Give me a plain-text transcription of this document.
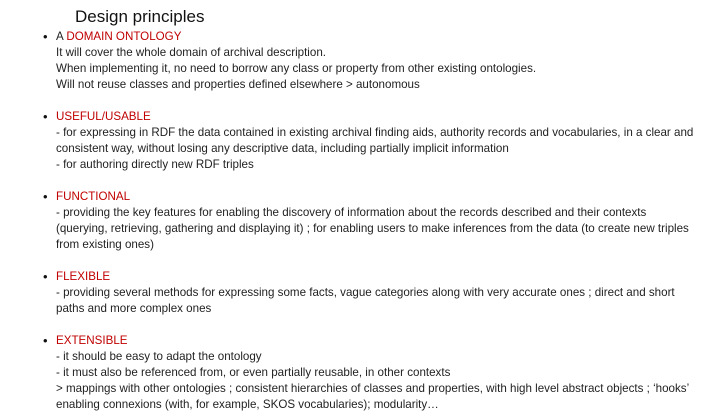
Design principles
• A DOMAIN ONTOLOGY
It will cover the whole domain of archival description.
When implementing it, no need to borrow any class or property from other existing ontologies.
Will not reuse classes and properties defined elsewhere > autonomous
• USEFUL/USABLE
- for expressing in RDF the data contained in existing archival finding aids, authority records and vocabularies, in a clear and consistent way, without losing any descriptive data, including partially implicit information
- for authoring directly new RDF triples
• FUNCTIONAL
- providing the key features for enabling the discovery of information about the records described and their contexts (querying, retrieving, gathering and displaying it) ; for enabling users to make inferences from the data (to create new triples from existing ones)
• FLEXIBLE
- providing several methods for expressing some facts, vague categories along with very accurate ones ; direct and short paths and more complex ones
• EXTENSIBLE
- it should be easy to adapt the ontology
- it must also be referenced from, or even partially reusable, in other contexts
> mappings with other ontologies ; consistent hierarchies of classes and properties, with high level abstract objects ; ‘hooks’ enabling connexions (with, for example, SKOS vocabularies); modularity…
